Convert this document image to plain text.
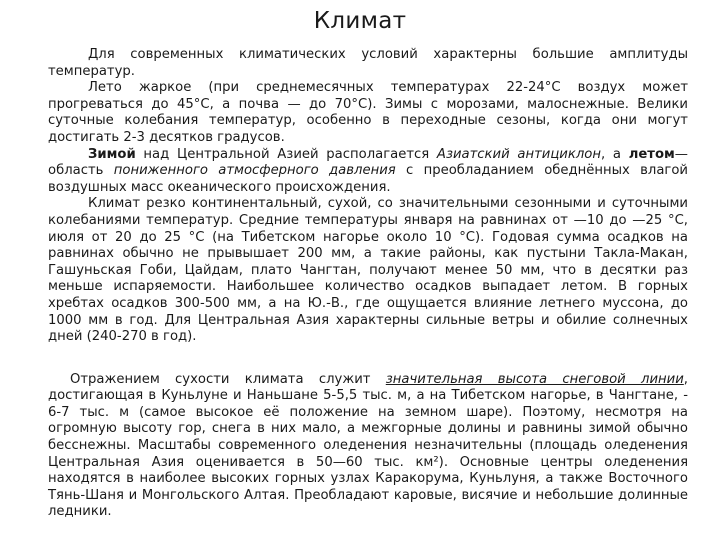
Климат

Для современных климатических условий характерны большие амплитуды температур.

Лето жаркое (при среднемесячных температурах 22-24°С воздух может прогреваться до 45°С, а почва — до 70°С). Зимы с морозами, малоснежные. Велики суточные колебания температур, особенно в переходные сезоны, когда они могут достигать 2-3 десятков градусов.

Зимой над Центральной Азией располагается Азиатский антициклон, а летом— область пониженного атмосферного давления с преобладанием обеднённых влагой воздушных масс океанического происхождения.

Климат резко континентальный, сухой, со значительными сезонными и суточными колебаниями температур. Средние температуры января на равнинах от —10 до —25 °С, июля от 20 до 25 °С (на Тибетском нагорье около 10 °С). Годовая сумма осадков на равнинах обычно не прывышает 200 мм, а такие районы, как пустыни Такла-Макан, Гашуньская Гоби, Цайдам, плато Чангтан, получают менее 50 мм, что в десятки раз меньше испаряемости. Наибольшее количество осадков выпадает летом. В горных хребтах осадков 300-500 мм, а на Ю.-В., где ощущается влияние летнего муссона, до 1000 мм в год. Для Центральная Азия характерны сильные ветры и обилие солнечных дней (240-270 в год).

Отражением сухости климата служит значительная высота снеговой линии, достигающая в Куньлуне и Наньшане 5-5,5 тыс. м, а на Тибетском нагорье, в Чангтане, - 6-7 тыс. м (самое высокое её положение на земном шаре). Поэтому, несмотря на огромную высоту гор, снега в них мало, а межгорные долины и равнины зимой обычно бесснежны. Масштабы современного оледенения незначительны (площадь оледенения Центральная Азия оценивается в 50—60 тыс. км²). Основные центры оледенения находятся в наиболее высоких горных узлах Каракорума, Куньлуня, а также Восточного Тянь-Шаня и Монгольского Алтая. Преобладают каровые, висячие и небольшие долинные ледники.
